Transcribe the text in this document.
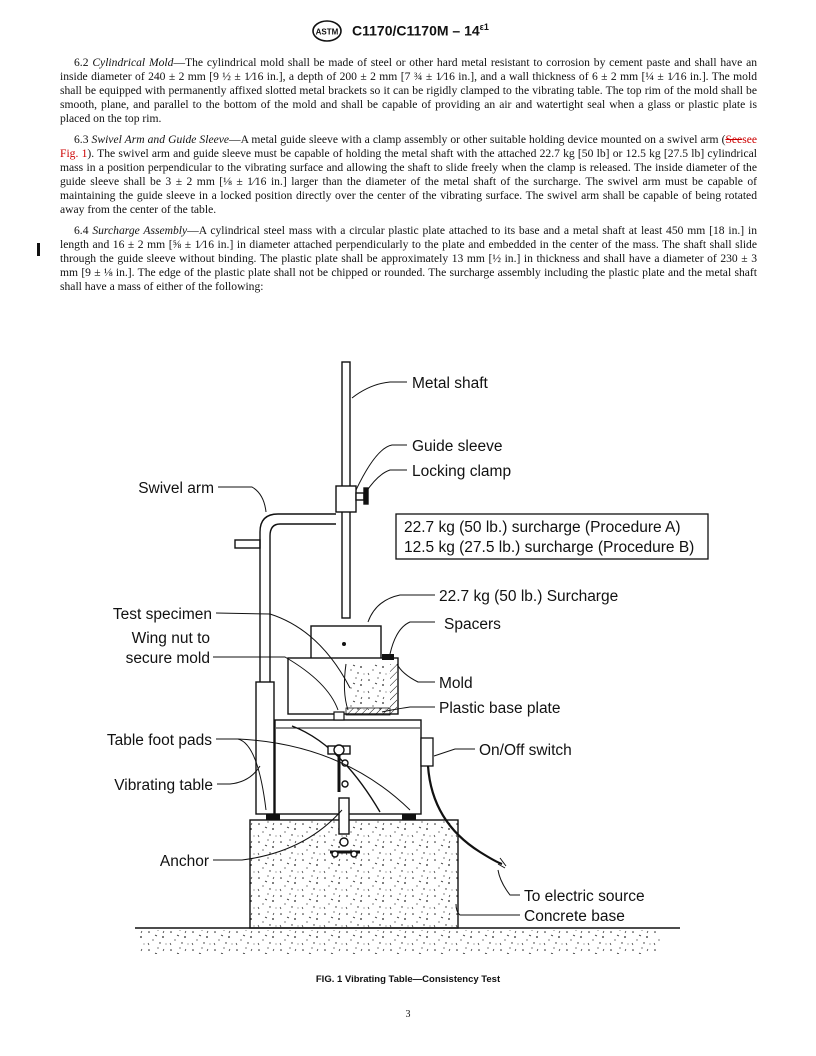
ASTM $C1170/C1170M - 14^{\varepsilon 1}$

6.2 Cylindrical Mold—The cylindrical mold shall be made of steel or other hard metal resistant to corrosion by cement paste and shall have an inside diameter of 240 ± 2 mm [9 ½ ± 1⁄16 in.], a depth of 200 ± 2 mm [7 ¾ ± 1⁄16 in.], and a wall thickness of 6 ± 2 mm [¼ ± 1⁄16 in.]. The mold shall be equipped with permanently affixed slotted metal brackets so it can be rigidly clamped to the vibrating table. The top rim of the mold shall be smooth, plane, and parallel to the bottom of the mold and shall be capable of providing an air and watertight seal when a glass or plastic plate is placed on the top rim.

6.3 Swivel Arm and Guide Sleeve—A metal guide sleeve with a clamp assembly or other suitable holding device mounted on a swivel arm (Seesee Fig. 1). The swivel arm and guide sleeve must be capable of holding the metal shaft with the attached 22.7 kg [50 lb] or 12.5 kg [27.5 lb] cylindrical mass in a position perpendicular to the vibrating surface and allowing the shaft to slide freely when the clamp is released. The inside diameter of the guide sleeve shall be 3 ± 2 mm [⅛ ± 1⁄16 in.] larger than the diameter of the metal shaft of the surcharge. The swivel arm must be capable of maintaining the guide sleeve in a locked position directly over the center of the vibrating surface. The swivel arm shall be capable of being rotated away from the center of the table.

6.4 Surcharge Assembly—A cylindrical steel mass with a circular plastic plate attached to its base and a metal shaft at least 450 mm [18 in.] in length and 16 ± 2 mm [⅝ ± 1⁄16 in.] in diameter attached perpendicularly to the plate and embedded in the center of the mass. The shaft shall slide through the guide sleeve without binding. The plastic plate shall be approximately 13 mm [½ in.] in thickness and shall have a diameter of 230 ± 3 mm [9 ± ⅛ in.]. The edge of the plastic plate shall not be chipped or rounded. The surcharge assembly including the plastic plate and the metal shaft shall have a mass of either of the following:

22.7 kg (50 lb.) surcharge (Procedure A)
12.5 kg (27.5 lb.) surcharge (Procedure B)
Metal shaft
Guide sleeve
Locking clamp
Swivel arm
22.7 kg (50 lb.) Surcharge
Spacers
Test specimen
Wing nut to
secure mold
Mold
Plastic base plate
Table foot pads
On/Off switch
Vibrating table
Anchor
To electric source
Concrete base
FIG. 1 Vibrating Table—Consistency Test
3
